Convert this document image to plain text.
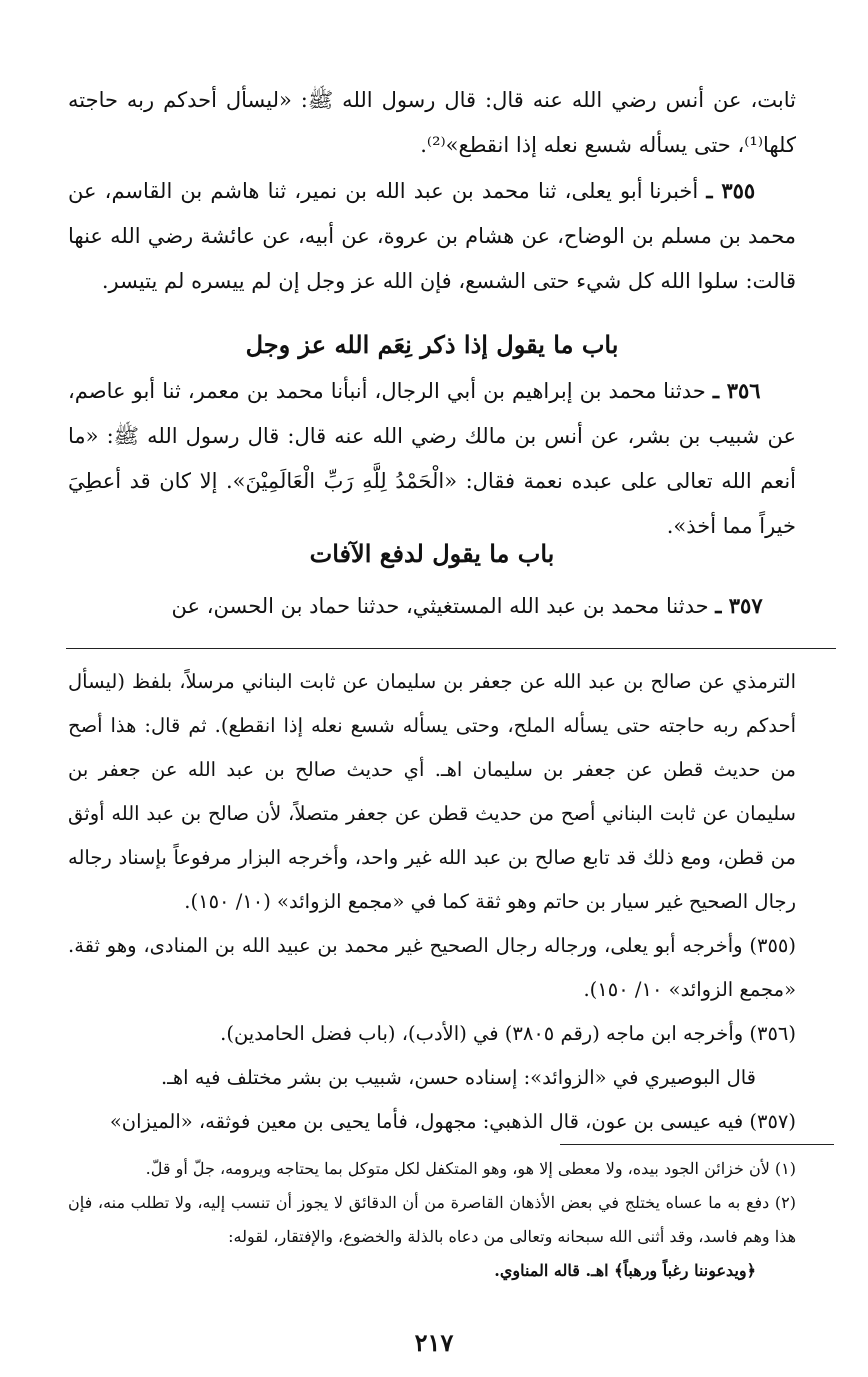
ثابت، عن أنس رضي الله عنه قال: قال رسول الله ﷺ: «ليسأل أحدكم ربه حاجته كلها⁽¹⁾، حتى يسأله شسع نعله إذا انقطع»⁽²⁾.

٣٥٥ ـ أخبرنا أبو يعلى، ثنا محمد بن عبد الله بن نمير، ثنا هاشم بن القاسم، عن محمد بن مسلم بن الوضاح، عن هشام بن عروة، عن أبيه، عن عائشة رضي الله عنها قالت: سلوا الله كل شيء حتى الشسع، فإن الله عز وجل إن لم ييسره لم يتيسر.

باب ما يقول إذا ذكر نِعَم الله عز وجل

٣٥٦ ـ حدثنا محمد بن إبراهيم بن أبي الرجال، أنبأنا محمد بن معمر، ثنا أبو عاصم، عن شبيب بن بشر، عن أنس بن مالك رضي الله عنه قال: قال رسول الله ﷺ: «ما أنعم الله تعالى على عبده نعمة فقال: «الْحَمْدُ لِلَّهِ رَبِّ الْعَالَمِيْنَ». إلا كان قد أعطِيَ خيراً مما أخذ».

باب ما يقول لدفع الآفات

٣٥٧ ـ حدثنا محمد بن عبد الله المستغيثي، حدثنا حماد بن الحسن، عن

الترمذي عن صالح بن عبد الله عن جعفر بن سليمان عن ثابت البناني مرسلاً، بلفظ (ليسأل أحدكم ربه حاجته حتى يسأله الملح، وحتى يسأله شسع نعله إذا انقطع). ثم قال: هذا أصح من حديث قطن عن جعفر بن سليمان اهـ. أي حديث صالح بن عبد الله عن جعفر بن سليمان عن ثابت البناني أصح من حديث قطن عن جعفر متصلاً، لأن صالح بن عبد الله أوثق من قطن، ومع ذلك قد تابع صالح بن عبد الله غير واحد، وأخرجه البزار مرفوعاً بإسناد رجاله رجال الصحيح غير سيار بن حاتم وهو ثقة كما في «مجمع الزوائد» (١٠/ ١٥٠).

(٣٥٥) وأخرجه أبو يعلى، ورجاله رجال الصحيح غير محمد بن عبيد الله بن المنادى، وهو ثقة. «مجمع الزوائد» ١٠/ ١٥٠).

(٣٥٦) وأخرجه ابن ماجه (رقم ٣٨٠٥) في (الأدب)، (باب فضل الحامدين).

قال البوصيري في «الزوائد»: إسناده حسن، شبيب بن بشر مختلف فيه اهـ.

(٣٥٧) فيه عيسى بن عون، قال الذهبي: مجهول، فأما يحيى بن معين فوثقه، «الميزان»

(١) لأن خزائن الجود بيده، ولا معطى إلا هو، وهو المتكفل لكل متوكل بما يحتاجه ويرومه، جلّ أو قلّ.

(٢) دفع به ما عساه يختلج في بعض الأذهان القاصرة من أن الدقائق لا يجوز أن تنسب إليه، ولا تطلب منه، فإن هذا وهم فاسد، وقد أثنى الله سبحانه وتعالى من دعاه بالذلة والخضوع، والإفتقار، لقوله:

﴿ويدعوننا رغباً ورهباً﴾ اهـ. قاله المناوي.

٢١٧
